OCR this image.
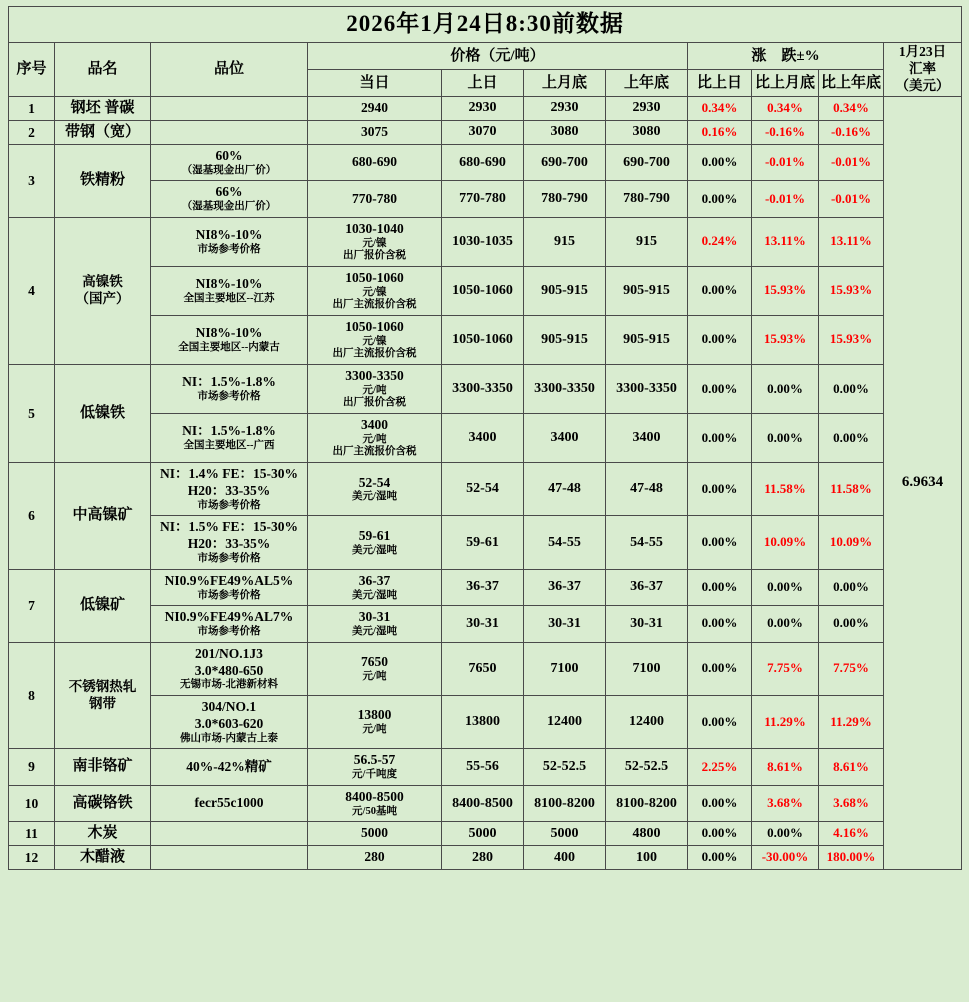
2026年1月24日8:30前数据										
序号	品名	品位	价格（元/吨）				涨　跌±%			1月23日
汇率
（美元）

			当日	上日	上月底	上年底	比上日	比上月底	比上年底	
1	钢坯 普碳		2940	2930	2930	2930	0.34%	0.34%	0.34%	6.9634
2	带钢（宽）		3075	3070	3080	3080	0.16%	-0.16%	-0.16%	
3	铁精粉	60%
（湿基现金出厂价）	680-690	680-690	690-700	690-700	0.00%	-0.01%	-0.01%	

		66%
（湿基现金出厂价）	770-780	770-780	780-790	780-790	0.00%	-0.01%	-0.01%	
4	高镍铁
（国产）	NI8%-10%
市场参考价格	1030-1040
元/镍
出厂报价含税	1030-1035	915	915	0.24%	13.11%	13.11%	

		NI8%-10%
全国主要地区--江苏	1050-1060
元/镍
出厂主流报价含税	1050-1060	905-915	905-915	0.00%	15.93%	15.93%	

		NI8%-10%
全国主要地区--内蒙古	1050-1060
元/镍
出厂主流报价含税	1050-1060	905-915	905-915	0.00%	15.93%	15.93%	
5	低镍铁	NI：1.5%-1.8%
市场参考价格	3300-3350
元/吨
出厂报价含税	3300-3350	3300-3350	3300-3350	0.00%	0.00%	0.00%	

		NI：1.5%-1.8%
全国主要地区--广西	3400
元/吨
出厂主流报价含税	3400	3400	3400	0.00%	0.00%	0.00%	
6	中高镍矿	NI：1.4% FE：15-30%
H20：33-35%
市场参考价格	52-54
美元/湿吨	52-54	47-48	47-48	0.00%	11.58%	11.58%	

		NI：1.5% FE：15-30%
H20：33-35%
市场参考价格	59-61
美元/湿吨	59-61	54-55	54-55	0.00%	10.09%	10.09%	
7	低镍矿	NI0.9%FE49%AL5%
市场参考价格	36-37
美元/湿吨	36-37	36-37	36-37	0.00%	0.00%	0.00%	

		NI0.9%FE49%AL7%
市场参考价格	30-31
美元/湿吨	30-31	30-31	30-31	0.00%	0.00%	0.00%	
8	不锈钢热轧
钢带	201/NO.1J3
3.0*480-650
无锡市场-北港新材料	7650
元/吨	7650	7100	7100	0.00%	7.75%	7.75%	

		304/NO.1
3.0*603-620
佛山市场-内蒙古上泰	13800
元/吨	13800	12400	12400	0.00%	11.29%	11.29%	
9	南非铬矿	40%-42%精矿	56.5-57
元/千吨度	55-56	52-52.5	52-52.5	2.25%	8.61%	8.61%	
10	高碳铬铁	fecr55c1000	8400-8500
元/50基吨	8400-8500	8100-8200	8100-8200	0.00%	3.68%	3.68%	
11	木炭		5000	5000	5000	4800	0.00%	0.00%	4.16%	
12	木醋液		280	280	400	100	0.00%	-30.00%	180.00%	
